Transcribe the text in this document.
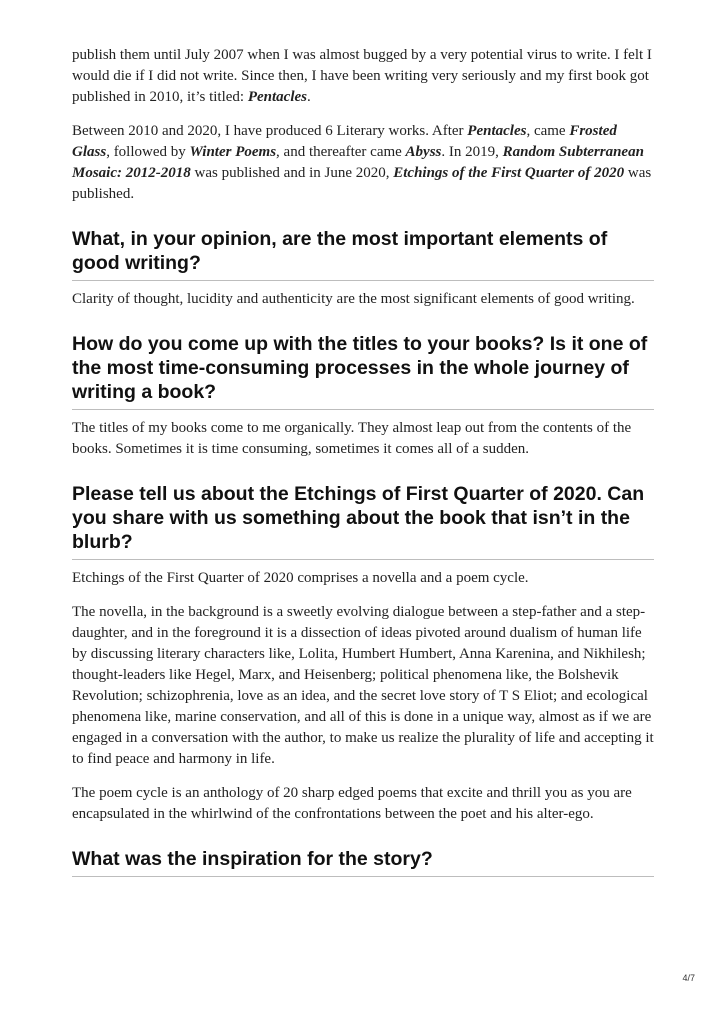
publish them until July 2007 when I was almost bugged by a very potential virus to write. I felt I would die if I did not write. Since then, I have been writing very seriously and my first book got published in 2010, it’s titled: Pentacles.

Between 2010 and 2020, I have produced 6 Literary works. After Pentacles, came Frosted Glass, followed by Winter Poems, and thereafter came Abyss. In 2019, Random Subterranean Mosaic: 2012-2018 was published and in June 2020, Etchings of the First Quarter of 2020 was published.

What, in your opinion, are the most important elements of good writing?

Clarity of thought, lucidity and authenticity are the most significant elements of good writing.

How do you come up with the titles to your books? Is it one of the most time-consuming processes in the whole journey of writing a book?

The titles of my books come to me organically. They almost leap out from the contents of the books. Sometimes it is time consuming, sometimes it comes all of a sudden.

Please tell us about the Etchings of First Quarter of 2020. Can you share with us something about the book that isn’t in the blurb?

Etchings of the First Quarter of 2020 comprises a novella and a poem cycle.

The novella, in the background is a sweetly evolving dialogue between a step-father and a step-daughter, and in the foreground it is a dissection of ideas pivoted around dualism of human life by discussing literary characters like, Lolita, Humbert Humbert, Anna Karenina, and Nikhilesh; thought-leaders like Hegel, Marx, and Heisenberg; political phenomena like, the Bolshevik Revolution; schizophrenia, love as an idea, and the secret love story of T S Eliot; and ecological phenomena like, marine conservation, and all of this is done in a unique way, almost as if we are engaged in a conversation with the author, to make us realize the plurality of life and accepting it to find peace and harmony in life.

The poem cycle is an anthology of 20 sharp edged poems that excite and thrill you as you are encapsulated in the whirlwind of the confrontations between the poet and his alter-ego.

What was the inspiration for the story?
4/7
